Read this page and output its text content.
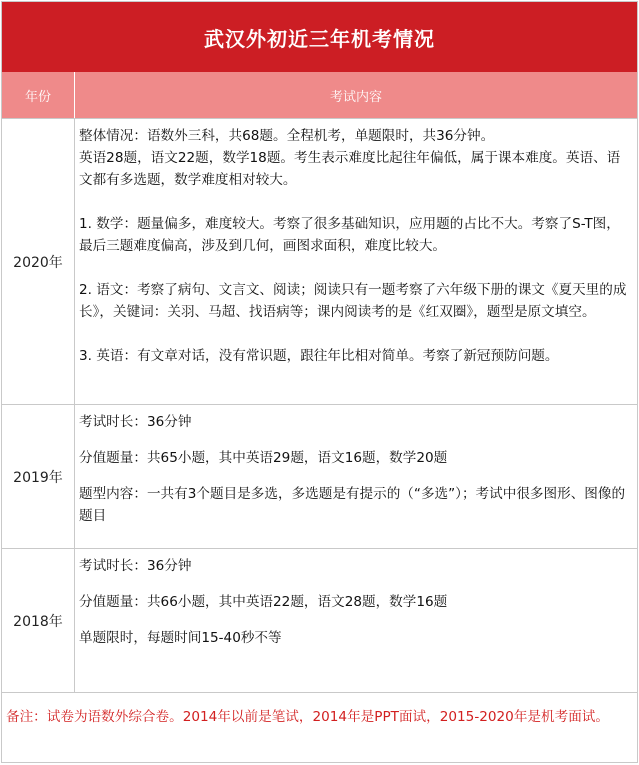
武汉外初近三年机考情况
年份	考试内容
2020年

整体情况：语数外三科，共68题。全程机考，单题限时，共36分钟。

英语28题，语文22题，数学18题。考生表示难度比起往年偏低，属于课本难度。英语、语文都有多选题，数学难度相对较大。

1. 数学：题量偏多，难度较大。考察了很多基础知识，应用题的占比不大。考察了S-T图，最后三题难度偏高，涉及到几何，画图求面积，难度比较大。

2. 语文：考察了病句、文言文、阅读；阅读只有一题考察了六年级下册的课文《夏天里的成长》，关键词：关羽、马超、找语病等；课内阅读考的是《红双圈》，题型是原文填空。

3. 英语：有文章对话，没有常识题，跟往年比相对简单。考察了新冠预防问题。

2019年

考试时长：36分钟

分值题量：共65小题，其中英语29题，语文16题，数学20题

题型内容：一共有3个题目是多选，多选题是有提示的（“多选”）；考试中很多图形、图像的题目

2018年

考试时长：36分钟

分值题量：共66小题，其中英语22题，语文28题，数学16题

单题限时，每题时间15-40秒不等

备注：试卷为语数外综合卷。2014年以前是笔试，2014年是PPT面试，2015-2020年是机考面试。
